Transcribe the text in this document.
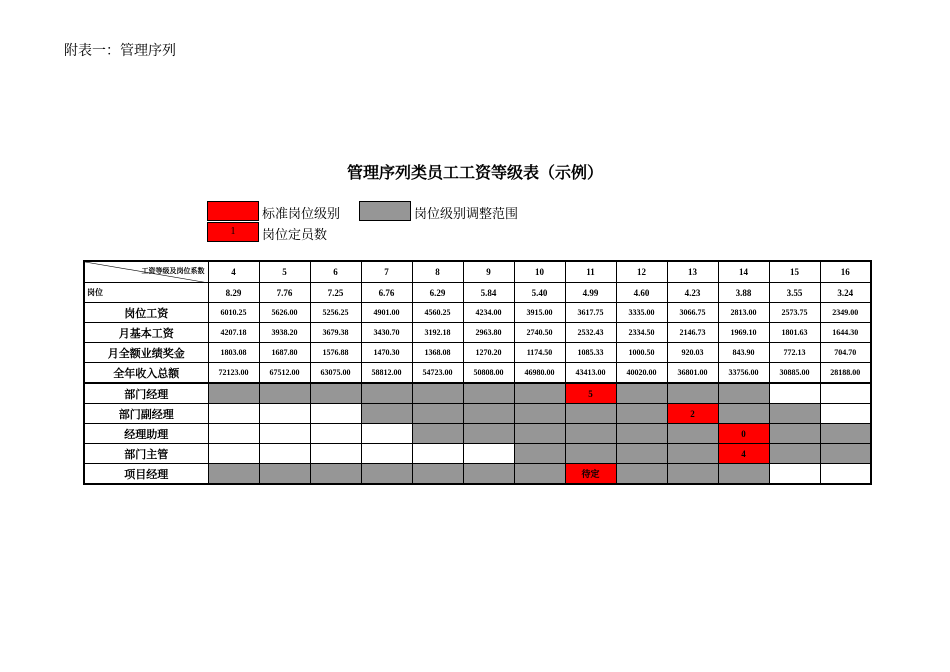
附表一：管理序列
管理序列类员工工资等级表（示例）
标准岗位级别	岗位级别调整范围
1	岗位定员数
工资等级及岗位系数	4	5	6	7	8	9	10	11	12	13	14	15	16
岗位	8.29	7.76	7.25	6.76	6.29	5.84	5.40	4.99	4.60	4.23	3.88	3.55	3.24
岗位工资	6010.25	5626.00	5256.25	4901.00	4560.25	4234.00	3915.00	3617.75	3335.00	3066.75	2813.00	2573.75	2349.00
月基本工资	4207.18	3938.20	3679.38	3430.70	3192.18	2963.80	2740.50	2532.43	2334.50	2146.73	1969.10	1801.63	1644.30
月全额业绩奖金	1803.08	1687.80	1576.88	1470.30	1368.08	1270.20	1174.50	1085.33	1000.50	920.03	843.90	772.13	704.70
全年收入总额	72123.00	67512.00	63075.00	58812.00	54723.00	50808.00	46980.00	43413.00	40020.00	36801.00	33756.00	30885.00	28188.00
部门经理								5					
部门副经理										2			
经理助理											0		
部门主管											4		
项目经理								待定					
